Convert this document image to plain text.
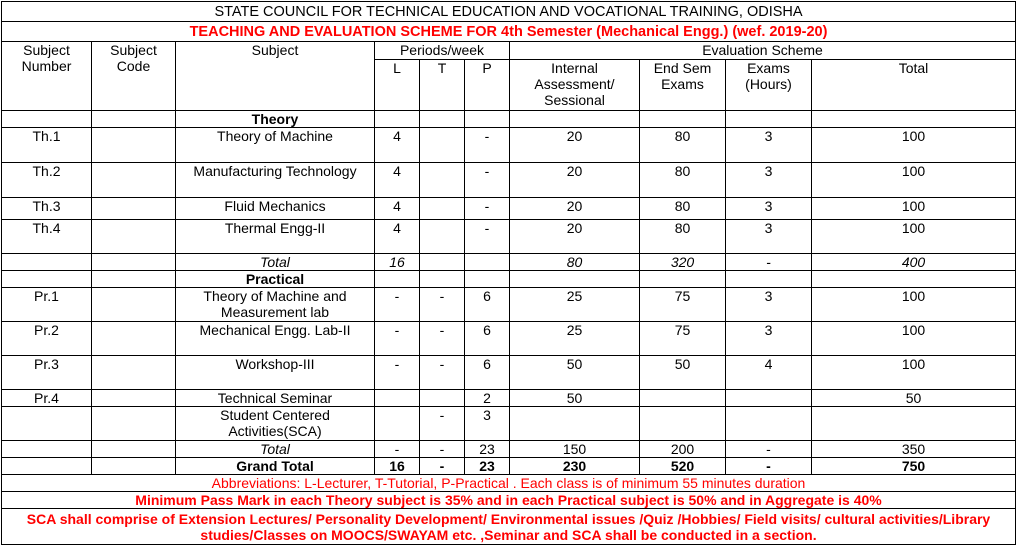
STATE COUNCIL FOR TECHNICAL EDUCATION AND VOCATIONAL TRAINING, ODISHA									
TEACHING AND EVALUATION SCHEME FOR 4th Semester (Mechanical Engg.) (wef. 2019-20)									
Subject Number	Subject Code	Subject	Periods/week			Evaluation Scheme			
			L	T	P	Internal Assessment/ Sessional	End Sem Exams	Exams (Hours)	Total
		Theory							
Th.1		Theory of Machine	4		-	20	80	3	100
Th.2		Manufacturing Technology	4		-	20	80	3	100
Th.3		Fluid Mechanics	4		-	20	80	3	100
Th.4		Thermal Engg-II	4		-	20	80	3	100
		Total	16			80	320	-	400
		Practical							
Pr.1		Theory of Machine and Measurement lab	-	-	6	25	75	3	100
Pr.2		Mechanical Engg. Lab-II	-	-	6	25	75	3	100
Pr.3		Workshop-III	-	-	6	50	50	4	100
Pr.4		Technical Seminar			2	50			50
		Student Centered Activities(SCA)		-	3				
		Total	-	-	23	150	200	-	350
		Grand Total	16	-	23	230	520	-	750
Abbreviations: L-Lecturer, T-Tutorial, P-Practical . Each class is of minimum 55 minutes duration									
Minimum Pass Mark in each Theory subject is 35% and in each Practical subject is 50% and in Aggregate is 40%									
SCA shall comprise of Extension Lectures/ Personality Development/ Environmental issues /Quiz /Hobbies/ Field visits/ cultural activities/Library studies/Classes on MOOCS/SWAYAM etc. ,Seminar and SCA shall be conducted in a section.									
